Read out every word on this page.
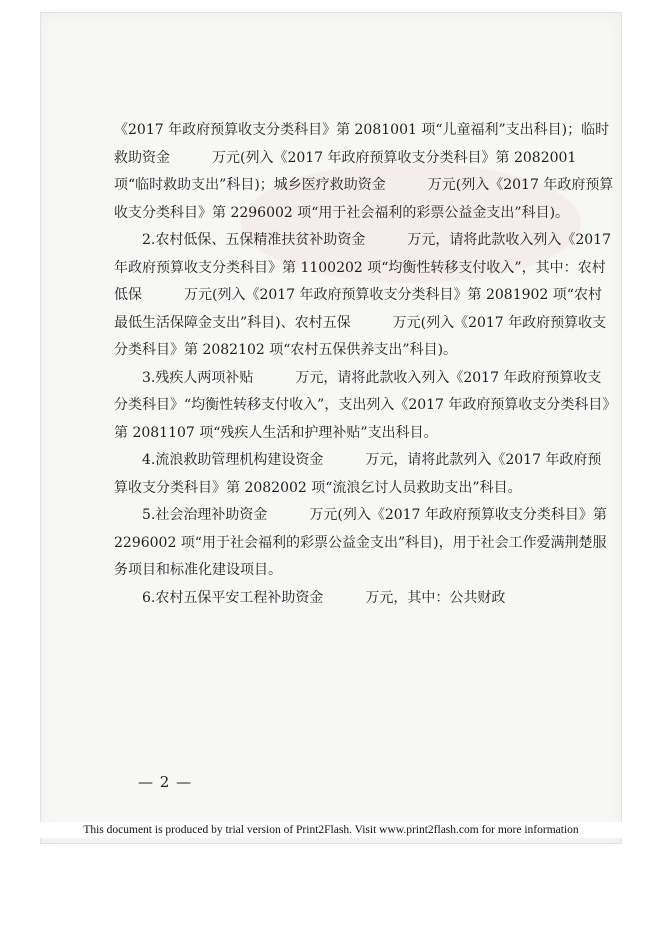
《2017 年政府预算收支分类科目》第 2081001 项“儿童福利”支出科目)；临时救助资金　　　万元(列入《2017 年政府预算收支分类科目》第 2082001 项“临时救助支出”科目)；城乡医疗救助资金　　　万元(列入《2017 年政府预算收支分类科目》第 2296002 项“用于社会福利的彩票公益金支出”科目)。

2.农村低保、五保精准扶贫补助资金　　　万元，请将此款收入列入《2017 年政府预算收支分类科目》第 1100202 项“均衡性转移支付收入”，其中：农村低保　　　万元(列入《2017 年政府预算收支分类科目》第 2081902 项“农村最低生活保障金支出”科目)、农村五保　　　万元(列入《2017 年政府预算收支分类科目》第 2082102 项“农村五保供养支出”科目)。

3.残疾人两项补贴　　　万元，请将此款收入列入《2017 年政府预算收支分类科目》“均衡性转移支付收入”，支出列入《2017 年政府预算收支分类科目》第 2081107 项“残疾人生活和护理补贴”支出科目。

4.流浪救助管理机构建设资金　　　万元，请将此款列入《2017 年政府预算收支分类科目》第 2082002 项“流浪乞讨人员救助支出”科目。

5.社会治理补助资金　　　万元(列入《2017 年政府预算收支分类科目》第 2296002 项“用于社会福利的彩票公益金支出”科目)，用于社会工作爱满荆楚服务项目和标准化建设项目。

6.农村五保平安工程补助资金　　　万元，其中：公共财政

— 2 —
This document is produced by trial version of Print2Flash. Visit www.print2flash.com for more information
